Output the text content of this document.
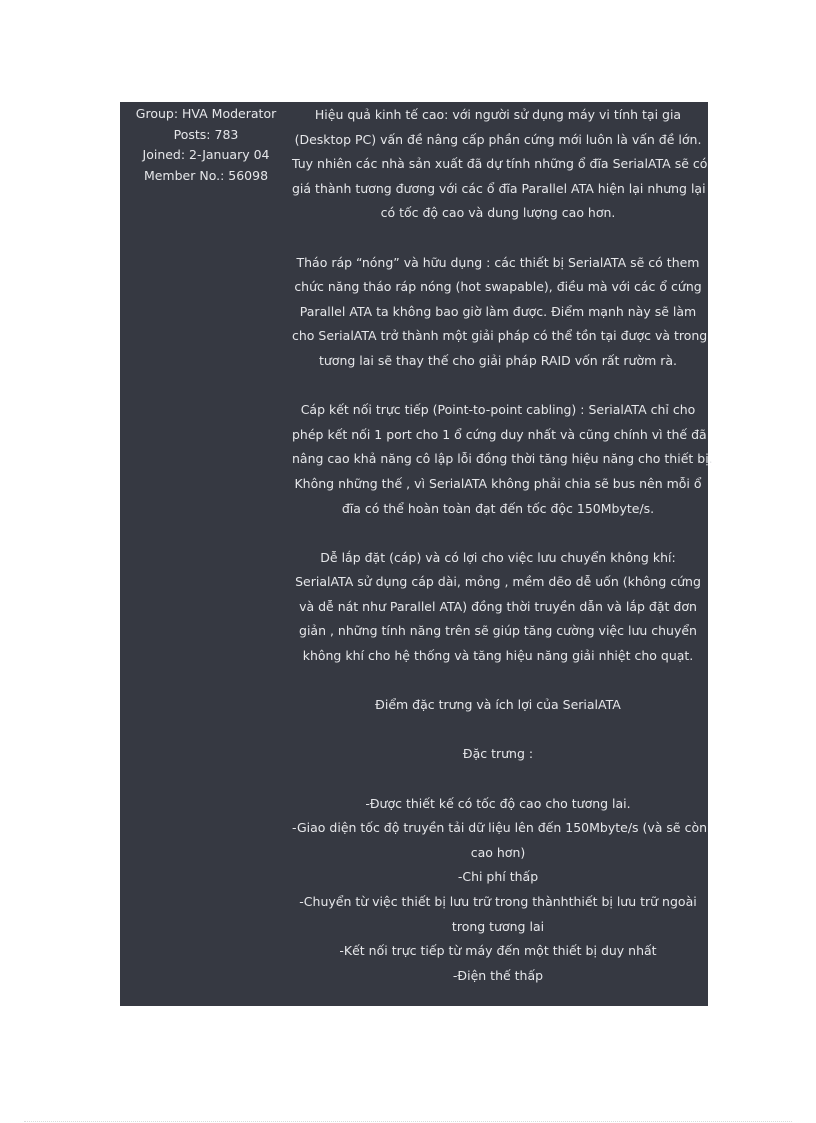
Group: HVA Moderator
Posts: 783
Joined: 2-January 04
Member No.: 56098
Hiệu quả kinh tế cao: với người sử dụng máy vi tính tại gia
(Desktop PC) vấn đề nâng cấp phần cứng mới luôn là vấn đề lớn.
Tuy nhiên các nhà sản xuất đã dự tính những ổ đĩa SerialATA sẽ có
giá thành tương đương với các ổ đĩa Parallel ATA hiện lại nhưng lại
có tốc độ cao và dung lượng cao hơn.
Tháo ráp “nóng” và hữu dụng : các thiết bị SerialATA sẽ có them
chức năng tháo ráp nóng (hot swapable), điều mà với các ổ cứng
Parallel ATA ta không bao giờ làm được. Điểm mạnh này sẽ làm
cho SerialATA trở thành một giải pháp có thể tồn tại được và trong
tương lai sẽ thay thế cho giải pháp RAID vốn rất rườm rà.
Cáp kết nối trực tiếp (Point-to-point cabling) : SerialATA chỉ cho
phép kết nối 1 port cho 1 ổ cứng duy nhất và cũng chính vì thế đã
nâng cao khả năng cô lập lỗi đồng thời tăng hiệu năng cho thiết bị.
Không những thế , vì SerialATA không phải chia sẽ bus nên mỗi ổ
đĩa có thể hoàn toàn đạt đến tốc độc 150Mbyte/s.
Dễ lắp đặt (cáp) và có lợi cho việc lưu chuyển không khí:
SerialATA sử dụng cáp dài, mỏng , mềm dẽo dễ uốn (không cứng
và dễ nát như Parallel ATA) đồng thời truyền dẫn và lắp đặt đơn
giản , những tính năng trên sẽ giúp tăng cường việc lưu chuyển
không khí cho hệ thống và tăng hiệu năng giải nhiệt cho quạt.
Điểm đặc trưng và ích lợi của SerialATA
Đặc trưng :
-Được thiết kế có tốc độ cao cho tương lai.
-Giao diện tốc độ truyền tải dữ liệu lên đến 150Mbyte/s (và sẽ còn
cao hơn)
-Chi phí thấp
-Chuyển từ việc thiết bị lưu trữ trong thànhthiết bị lưu trữ ngoài
trong tương lai
-Kết nối trực tiếp từ máy đến một thiết bị duy nhất
-Điện thế thấp
